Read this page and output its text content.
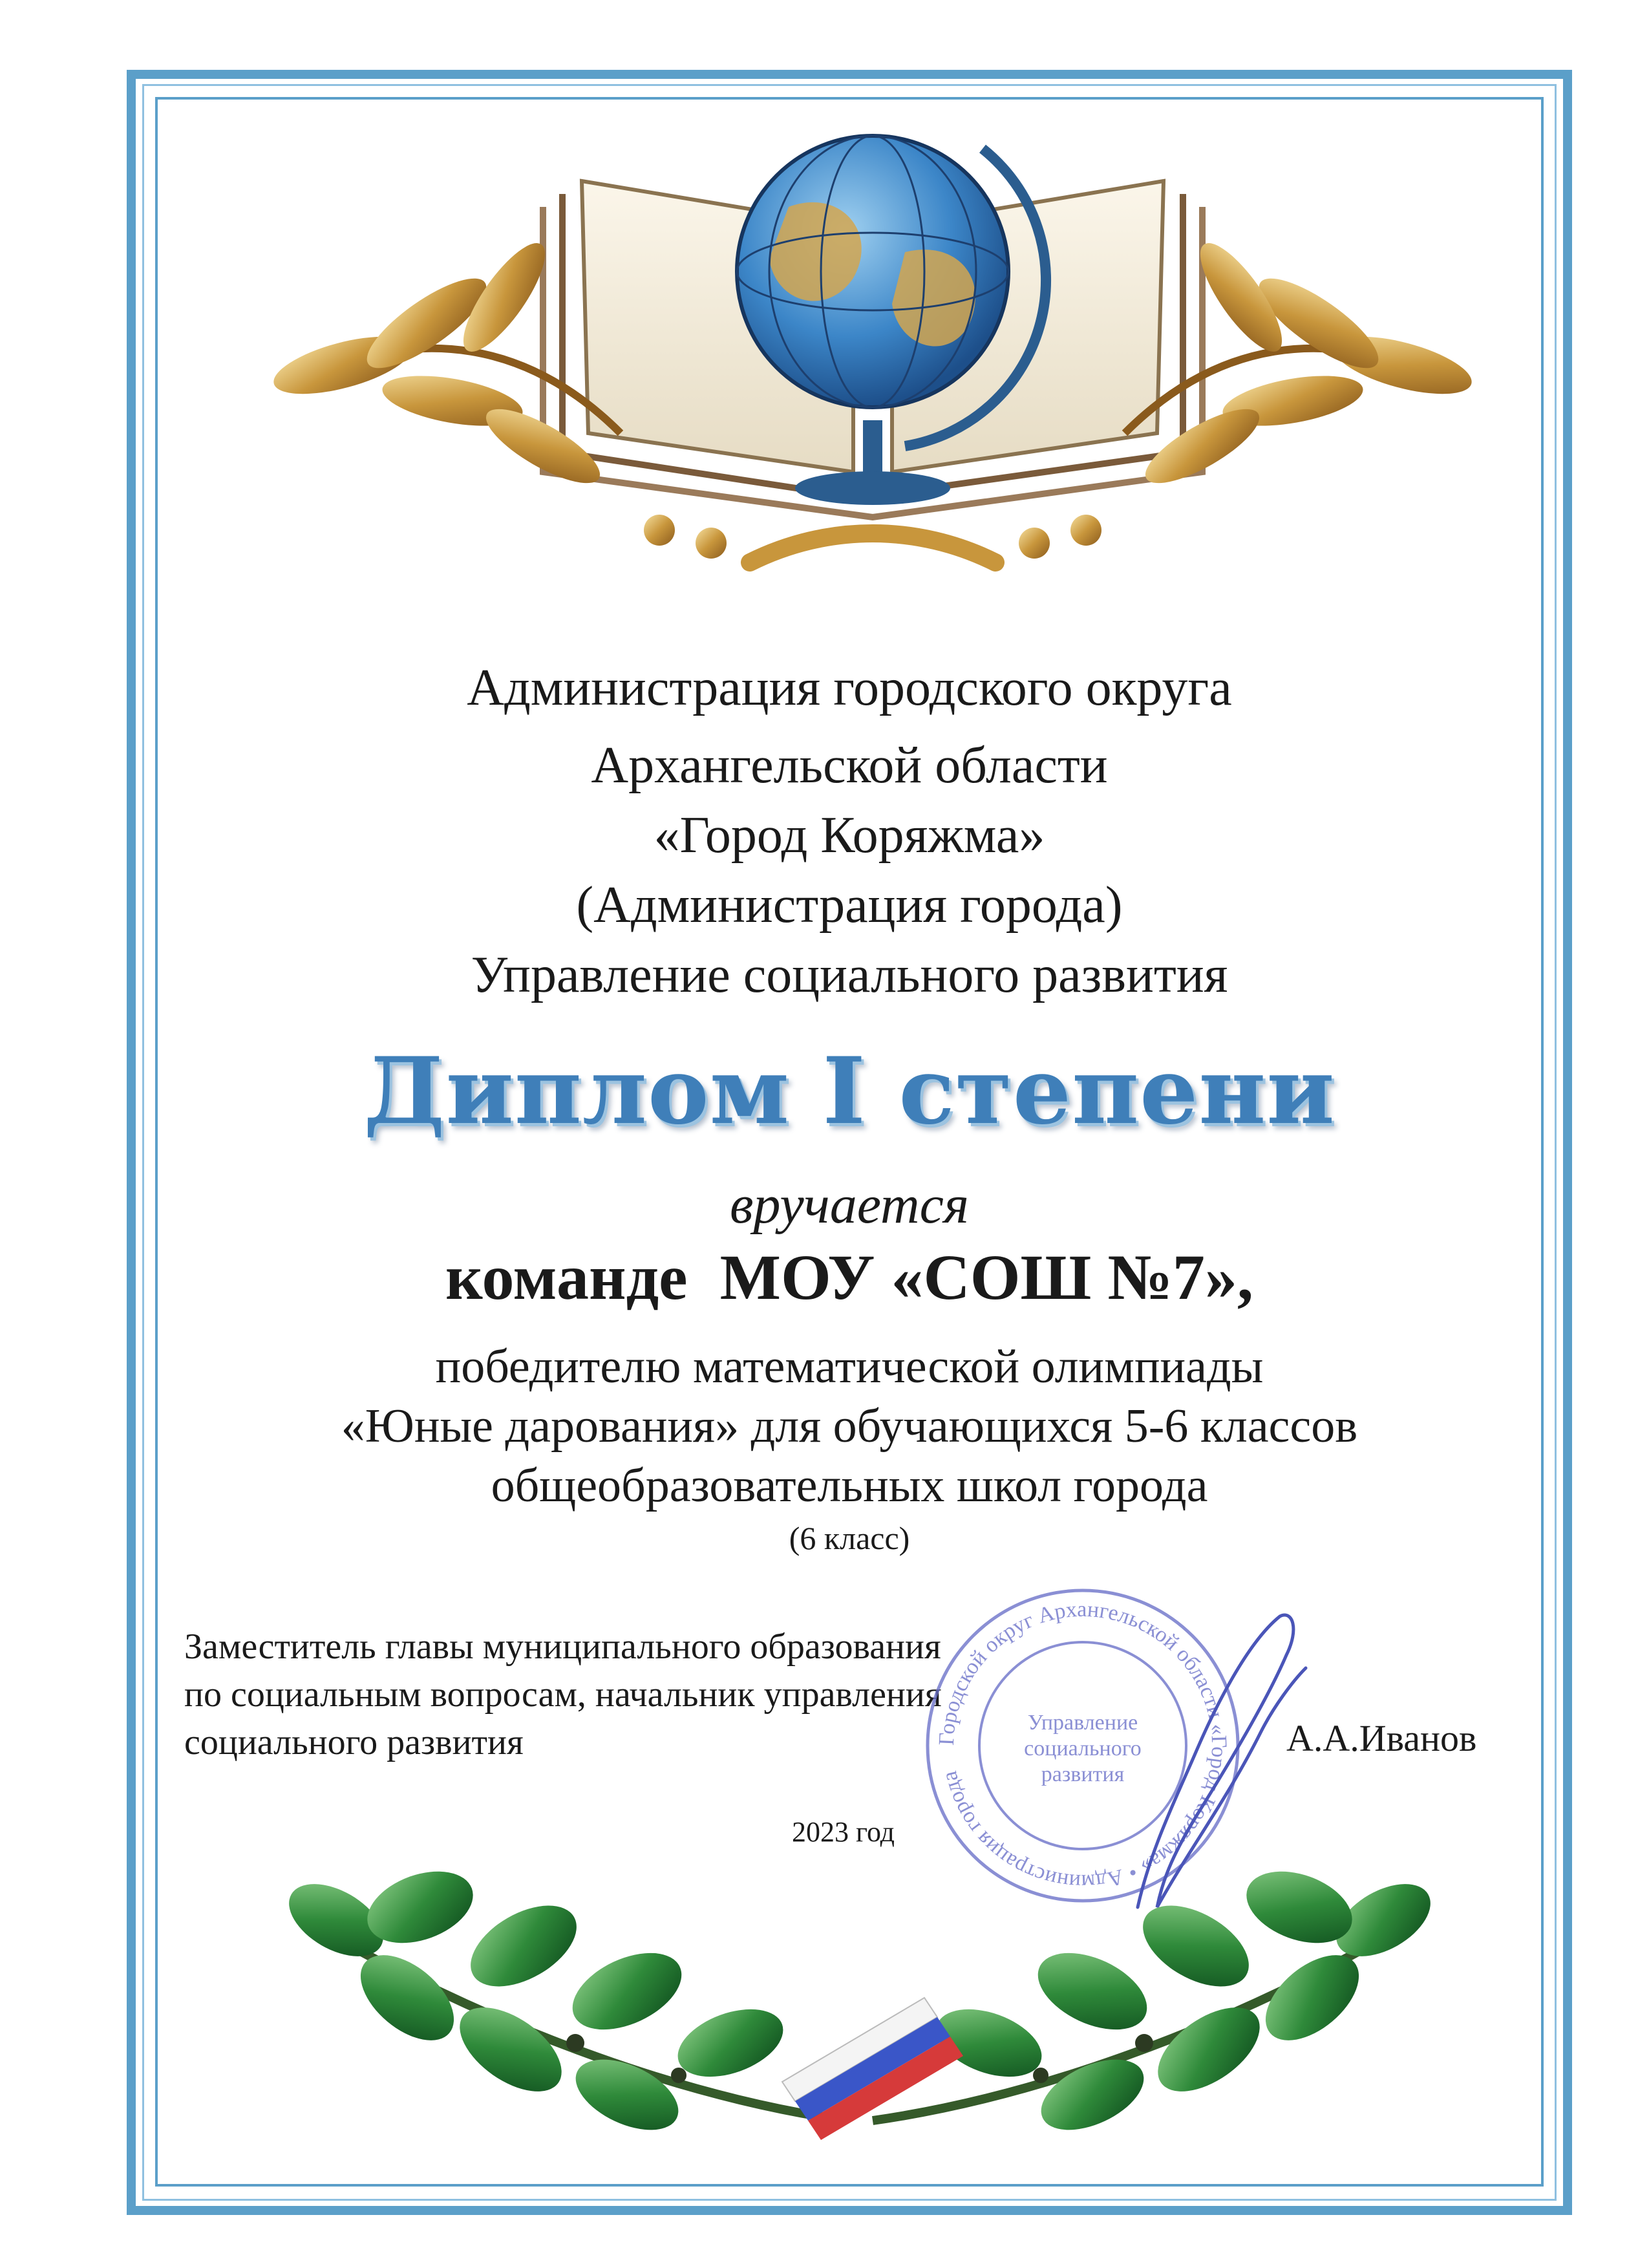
Администрация городского округа
Архангельской области
«Город Коряжма»
(Администрация города)
Управление социального развития
Диплом I степени
вручается
команде  МОУ «СОШ №7»,
победителю математической олимпиады
«Юные дарования» для обучающихся 5-6 классов
общеобразовательных школ города
(6 класс)
Заместитель главы муниципального образования
по социальным вопросам, начальник управления
социального развития	Городской округ Архангельской области «Город Коряжма» • Администрация города
Управление
социального
развития
А.А.Иванов
2023 год
